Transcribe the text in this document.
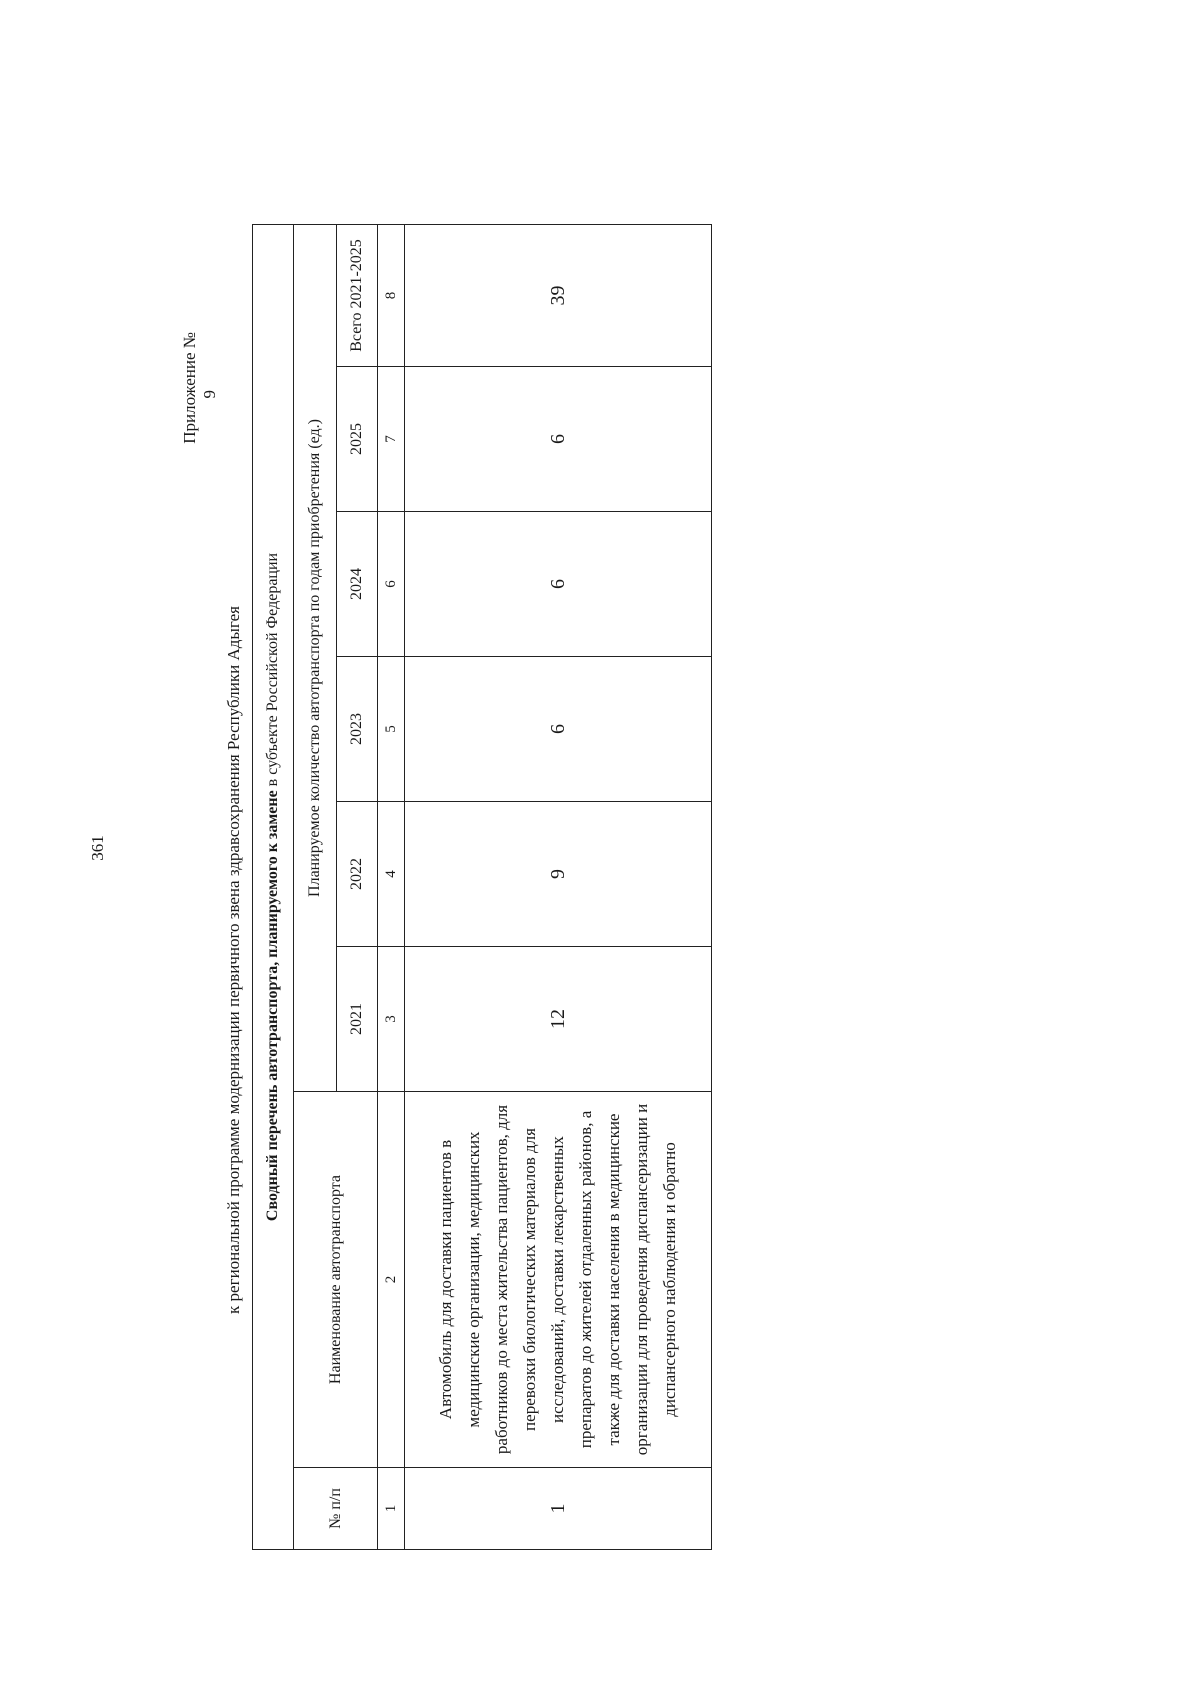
361
Приложение № 9
к региональной программе модернизации первичного звена здравсохранения Республики Адыгея Сводный перечень автотранспорта, планируемого к замене в субъекте Российской Федерации							
№ п/п	Наименование автотранспорта	Планируемое количество автотранспорта по годам приобретения (ед.)					
		2021	2022	2023	2024	2025	Всего 2021-2025
1	2	3	4	5	6	7	8
1	Автомобиль для доставки пациентов в медицинские организации, медицинских работников до места жительства пациентов, для перевозки биологических материалов для исследований, доставки лекарственных препаратов до жителей отдаленных районов, а также для доставки населения в медицинские организации для проведения диспансеризации и диспансерного наблюдения и обратно	12	9	6	6	6	39
